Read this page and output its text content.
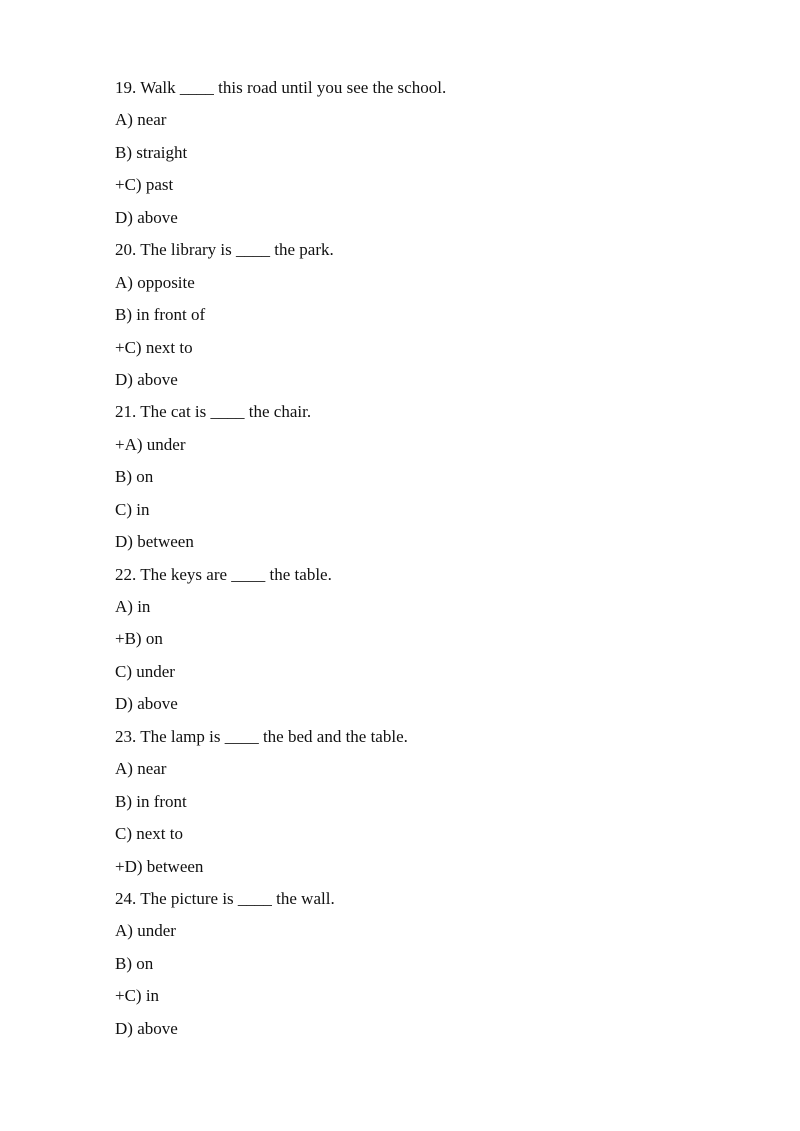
19. Walk ____ this road until you see the school.
A) near
B) straight
+C) past
D) above
20. The library is ____ the park.
A) opposite
B) in front of
+C) next to
D) above
21. The cat is ____ the chair.
+A) under
B) on
C) in
D) between
22. The keys are ____ the table.
A) in
+B) on
C) under
D) above
23. The lamp is ____ the bed and the table.
A) near
B) in front
C) next to
+D) between
24. The picture is ____ the wall.
A) under
B) on
+C) in
D) above
